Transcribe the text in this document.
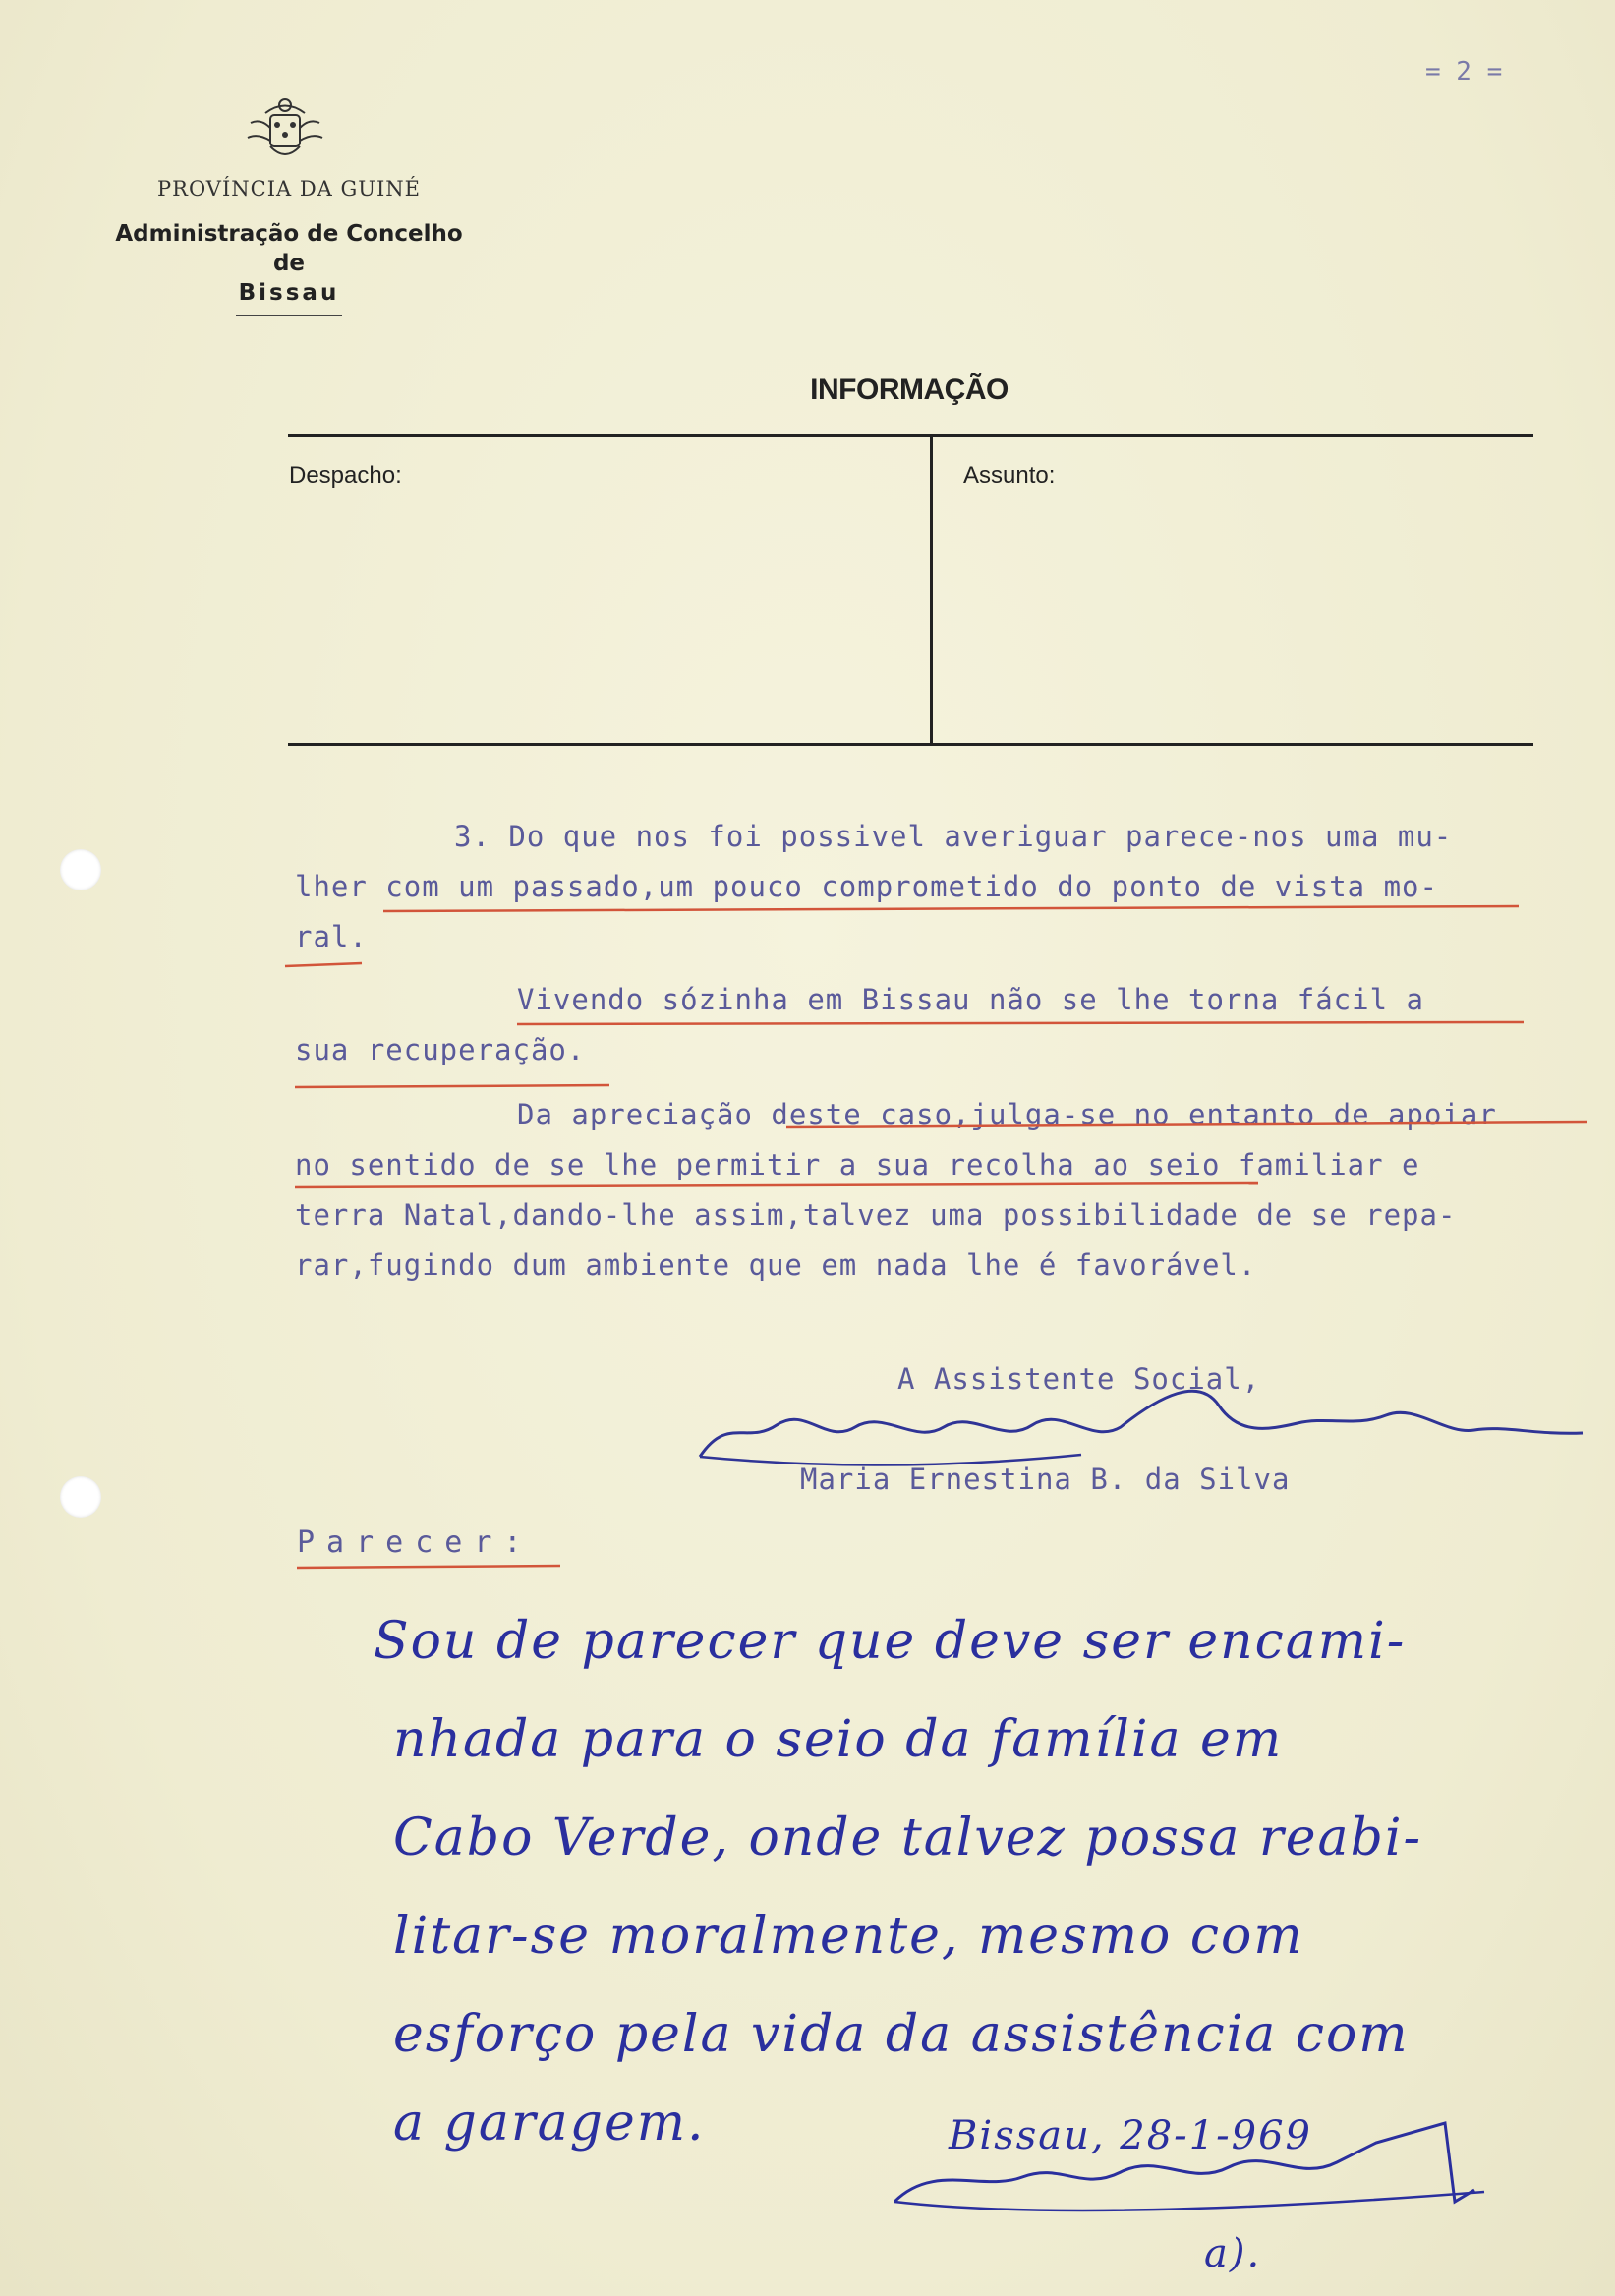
= 2 =
PROVÍNCIA DA GUINÉ
Administração de Concelho
de
Bissau
INFORMAÇÃO
Despacho:	Assunto:
3. Do que nos foi possivel averiguar parece-nos uma mu-
lher com um passado,um pouco comprometido do ponto de vista mo-
ral.
Vivendo sózinha em Bissau não se lhe torna fácil a
sua recuperação.
Da apreciação deste caso,julga-se no entanto de apoiar
no sentido de se lhe permitir a sua recolha ao seio familiar e
terra Natal,dando-lhe assim,talvez uma possibilidade de se repa-
rar,fugindo dum ambiente que em nada lhe é favorável.
A Assistente Social,
Maria Ernestina B. da Silva
Parecer:
Sou de parecer que deve ser encami-
nhada para o seio da família em
Cabo Verde, onde talvez possa reabi-
litar-se moralmente, mesmo com
esforço pela vida da assistência com
a garagem.	Bissau, 28-1-969
a).
